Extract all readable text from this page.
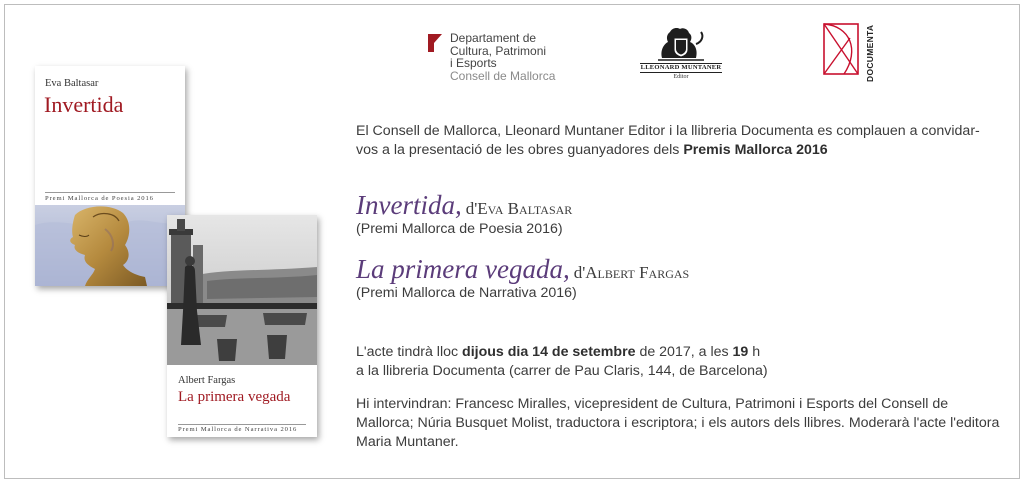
Departament de
Cultura, Patrimoni
i Esports
Consell de Mallorca
LLEONARD MUNTANER
Editor	DOCUMENTA
Eva Baltasar
Invertida
Premi Mallorca de Poesia 2016
Albert Fargas
La primera vegada
Premi Mallorca de Narrativa 2016
El Consell de Mallorca, Lleonard Muntaner Editor i la llibreria Documenta es complauen a convidar-vos a la presentació de les obres guanyadores dels Premis Mallorca 2016
Invertida, d'Eva Baltasar
(Premi Mallorca de Poesia 2016)
La primera vegada, d'Albert Fargas
(Premi Mallorca de Narrativa 2016)
L'acte tindrà lloc dijous dia 14 de setembre de 2017, a les 19 h
a la llibreria Documenta (carrer de Pau Claris, 144, de Barcelona)
Hi intervindran: Francesc Miralles, vicepresident de Cultura, Patrimoni i Esports del Consell de Mallorca; Núria Busquet Molist, traductora i escriptora; i els autors dels llibres. Moderarà l'acte l'editora Maria Muntaner.
